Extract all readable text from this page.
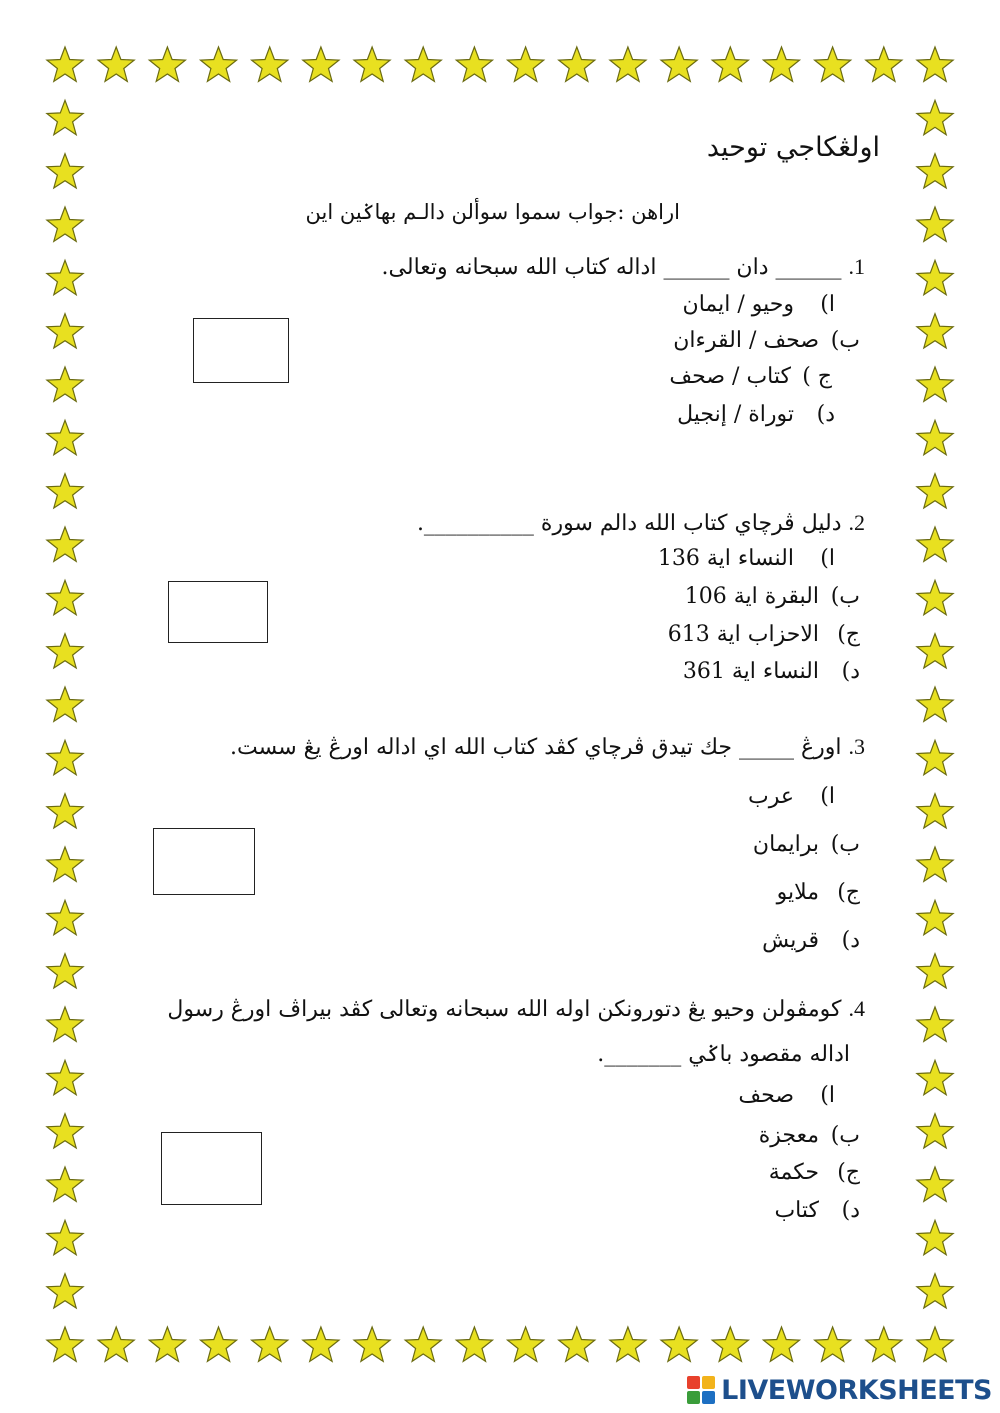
اولڠكاجي توحيد
اراهن :جواب سموا سوألن دالـم بهاݢين اين
1. ______ دان ______ اداله كتاب الله سبحانه وتعالى.
ا) وحيو / ايمان
ب) صحف / القرءان
ج ) كتاب / صحف
د) توراة / إنجيل
2. دليل ڤرچاي كتاب الله دالم سورة __________.
ا) النساء اية 136
ب) البقرة اية 106
ج) الاحزاب اية 613
د) النساء اية 361
3. اورڠ _____ جك تيدق ڤرچاي كڤد كتاب الله اي اداله اورڠ يڠ سست.
ا) عرب
ب) برايمان
ج) ملايو
د) قريش
4. كومڤولن وحيو يڠ دتورونكن اوله الله سبحانه وتعالى كڤد بيراڤ اورڠ رسول
اداله مقصود باݢي _______.
ا) صحف
ب) معجزة
ج) حكمة
د) كتاب
LIVEWORKSHEETS
